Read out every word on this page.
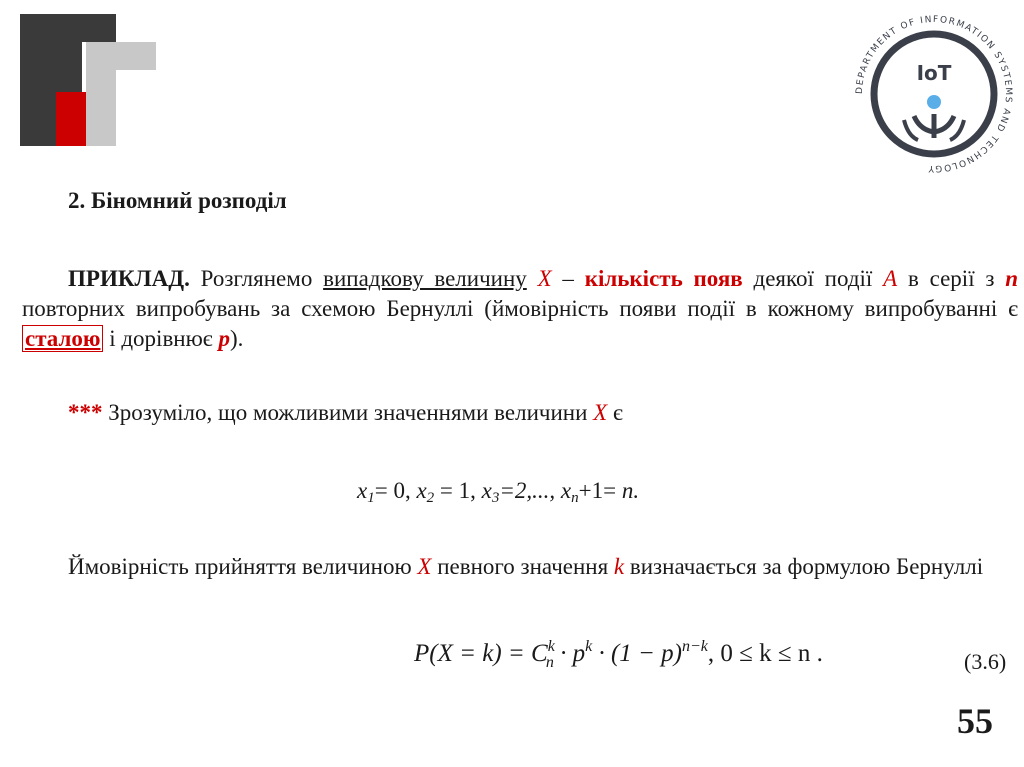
DEPARTMENT OF INFORMATION SYSTEMS AND TECHNOLOGY
IoT
2. Біномний розподіл
ПРИКЛАД. Розглянемо випадкову величину X – кількість появ деякої події A в серії з n повторних випробувань за схемою Бернуллі (ймовірність появи події в кожному випробуванні є сталою і дорівнює p).
*** Зрозуміло, що можливими значеннями величини X є
$x_1= 0$, $x_2 = 1$, $x_3=2$,..., $x_n+1= n$.
Ймовірність прийняття величиною X певного значення k визначається за формулою Бернуллі
$P(X = k) = C^k_n \cdot p^k \cdot (1 - p)^{n-k}$, 0 ≤ k ≤ n .	(3.6)
55
